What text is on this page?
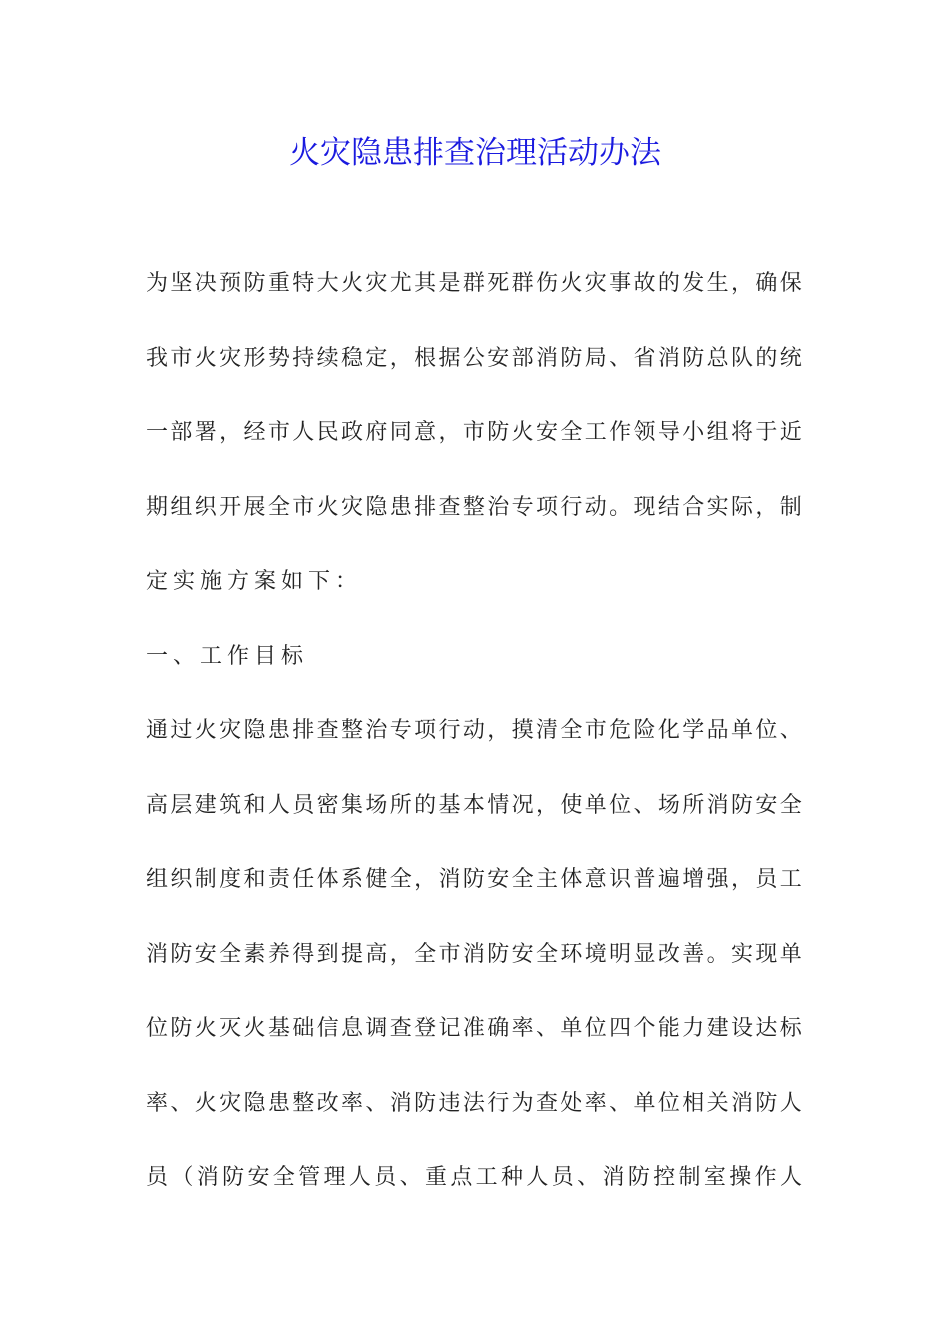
火灾隐患排查治理活动办法
为 坚 决 预 防 重 特 大 火 灾 尤 其 是 群 死 群 伤 火 灾 事 故 的 发 生 ， 确 保
我 市 火 灾 形 势 持 续 稳 定 ， 根 据 公 安 部 消 防 局 、 省 消 防 总 队 的 统
一 部 署 ， 经 市 人 民 政 府 同 意 ， 市 防 火 安 全 工 作 领 导 小 组 将 于 近
期 组 织 开 展 全 市 火 灾 隐 患 排 查 整 治 专 项 行 动 。 现 结 合 实 际 ， 制
定实施方案如下：
一、工作目标
通 过 火 灾 隐 患 排 查 整 治 专 项 行 动 ， 摸 清 全 市 危 险 化 学 品 单 位 、
高 层 建 筑 和 人 员 密 集 场 所 的 基 本 情 况 ， 使 单 位 、 场 所 消 防 安 全
组 织 制 度 和 责 任 体 系 健 全 ， 消 防 安 全 主 体 意 识 普 遍 增 强 ， 员 工
消 防 安 全 素 养 得 到 提 高 ， 全 市 消 防 安 全 环 境 明 显 改 善 。 实 现 单
位 防 火 灭 火 基 础 信 息 调 查 登 记 准 确 率 、 单 位 四 个 能 力 建 设 达 标
率 、 火 灾 隐 患 整 改 率 、 消 防 违 法 行 为 查 处 率 、 单 位 相 关 消 防 人
员 （ 消 防 安 全 管 理 人 员 、 重 点 工 种 人 员 、 消 防 控 制 室 操 作 人
